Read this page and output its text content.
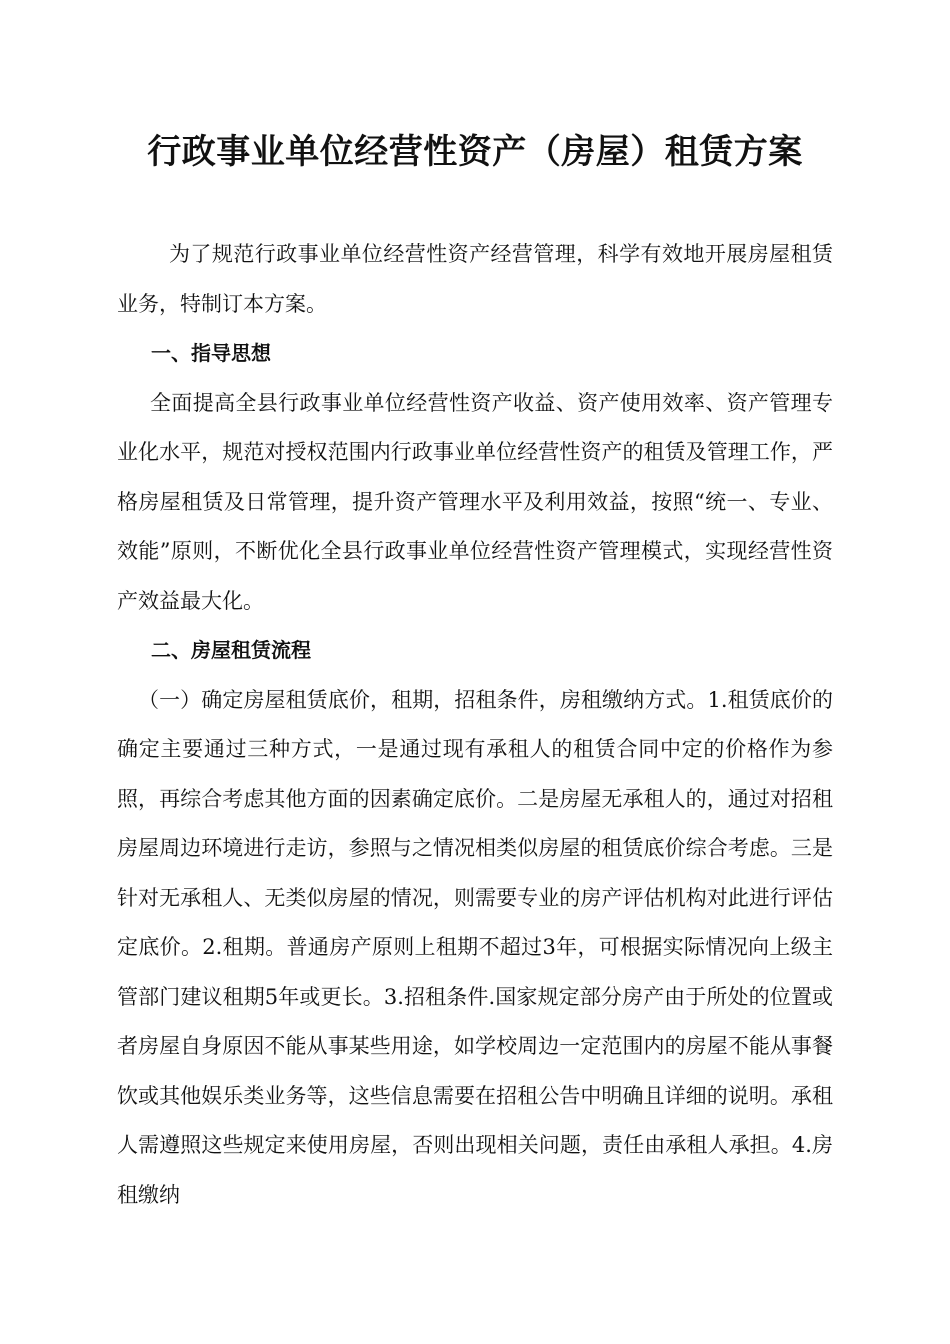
行政事业单位经营性资产（房屋）租赁方案

为了规范行政事业单位经营性资产经营管理，科学有效地开展房屋租赁业务，特制订本方案。

一、指导思想

全面提高全县行政事业单位经营性资产收益、资产使用效率、资产管理专业化水平，规范对授权范围内行政事业单位经营性资产的租赁及管理工作，严格房屋租赁及日常管理，提升资产管理水平及利用效益，按照“统一、专业、效能”原则，不断优化全县行政事业单位经营性资产管理模式，实现经营性资产效益最大化。

二、房屋租赁流程

（一）确定房屋租赁底价，租期，招租条件，房租缴纳方式。1.租赁底价的确定主要通过三种方式，一是通过现有承租人的租赁合同中定的价格作为参照，再综合考虑其他方面的因素确定底价。二是房屋无承租人的，通过对招租房屋周边环境进行走访，参照与之情况相类似房屋的租赁底价综合考虑。三是针对无承租人、无类似房屋的情况，则需要专业的房产评估机构对此进行评估定底价。2.租期。普通房产原则上租期不超过3年，可根据实际情况向上级主管部门建议租期5年或更长。3.招租条件.国家规定部分房产由于所处的位置或者房屋自身原因不能从事某些用途，如学校周边一定范围内的房屋不能从事餐饮或其他娱乐类业务等，这些信息需要在招租公告中明确且详细的说明。承租人需遵照这些规定来使用房屋，否则出现相关问题，责任由承租人承担。4.房租缴纳
